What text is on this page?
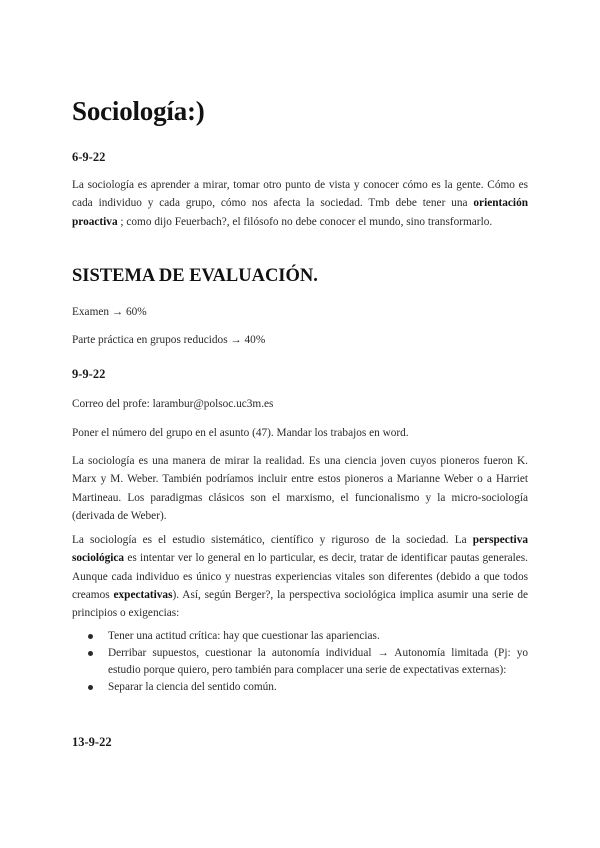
Sociología:)

6-9-22

La sociología es aprender a mirar, tomar otro punto de vista y conocer cómo es la gente. Cómo es cada individuo y cada grupo, cómo nos afecta la sociedad. Tmb debe tener una orientación proactiva ; como dijo Feuerbach?, el filósofo no debe conocer el mundo, sino transformarlo.

SISTEMA DE EVALUACIÓN.

Examen → 60%

Parte práctica en grupos reducidos → 40%

9-9-22

Correo del profe: larambur@polsoc.uc3m.es

Poner el número del grupo en el asunto (47). Mandar los trabajos en word.

La sociología es una manera de mirar la realidad. Es una ciencia joven cuyos pioneros fueron K. Marx y M. Weber. También podríamos incluir entre estos pioneros a Marianne Weber o a Harriet Martineau. Los paradigmas clásicos son el marxismo, el funcionalismo y la micro-sociología (derivada de Weber).

La sociología es el estudio sistemático, científico y riguroso de la sociedad. La perspectiva sociológica es intentar ver lo general en lo particular, es decir, tratar de identificar pautas generales. Aunque cada individuo es único y nuestras experiencias vitales son diferentes (debido a que todos creamos expectativas). Así, según Berger?, la perspectiva sociológica implica asumir una serie de principios o exigencias:

Tener una actitud crítica: hay que cuestionar las apariencias.
Derribar supuestos, cuestionar la autonomía individual → Autonomía limitada (Pj: yo estudio porque quiero, pero también para complacer una serie de expectativas externas):
Separar la ciencia del sentido común.

13-9-22
